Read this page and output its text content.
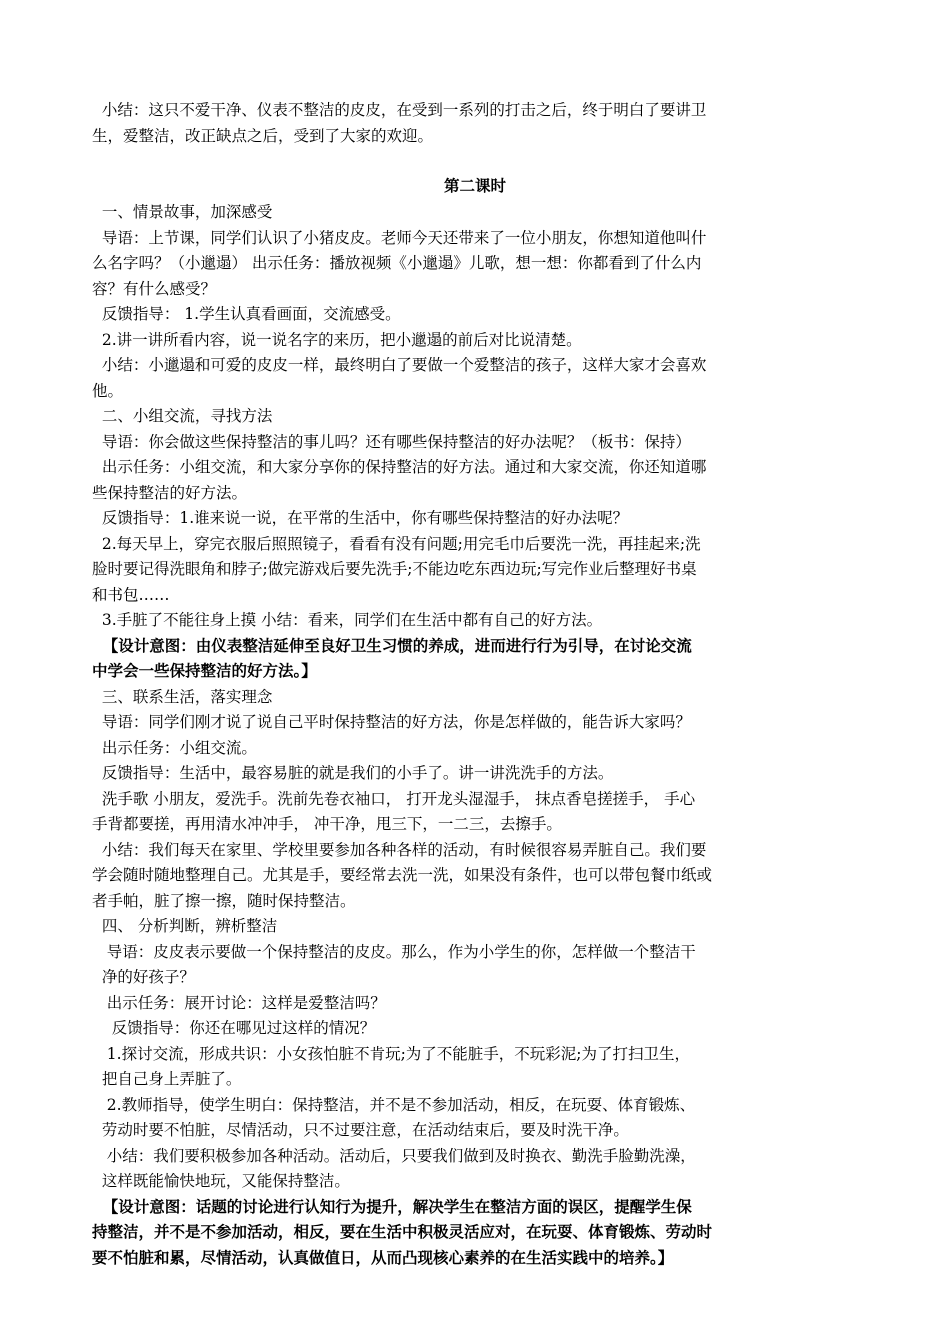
小结：这只不爱干净、仪表不整洁的皮皮，在受到一系列的打击之后，终于明白了要讲卫

生，爱整洁，改正缺点之后，受到了大家的欢迎。

第二课时

一、情景故事，加深感受

导语：上节课，同学们认识了小猪皮皮。老师今天还带来了一位小朋友，你想知道他叫什

么名字吗？（小邋遢） 出示任务：播放视频《小邋遢》儿歌，想一想：你都看到了什么内

容？有什么感受？

反馈指导： 1.学生认真看画面，交流感受。

2.讲一讲所看内容，说一说名字的来历，把小邋遢的前后对比说清楚。

小结：小邋遢和可爱的皮皮一样，最终明白了要做一个爱整洁的孩子，这样大家才会喜欢

他。

二、小组交流，寻找方法

导语：你会做这些保持整洁的事儿吗？还有哪些保持整洁的好办法呢？（板书：保持）

出示任务：小组交流，和大家分享你的保持整洁的好方法。通过和大家交流，你还知道哪

些保持整洁的好方法。

反馈指导：1.谁来说一说，在平常的生活中，你有哪些保持整洁的好办法呢？

2.每天早上，穿完衣服后照照镜子，看看有没有问题;用完毛巾后要洗一洗，再挂起来;洗

脸时要记得洗眼角和脖子;做完游戏后要先洗手;不能边吃东西边玩;写完作业后整理好书桌

和书包……

3.手脏了不能往身上摸 小结：看来，同学们在生活中都有自己的好方法。

【设计意图：由仪表整洁延伸至良好卫生习惯的养成，进而进行行为引导，在讨论交流

中学会一些保持整洁的好方法。】

三、联系生活，落实理念

导语：同学们刚才说了说自己平时保持整洁的好方法，你是怎样做的，能告诉大家吗？

出示任务：小组交流。

反馈指导：生活中，最容易脏的就是我们的小手了。讲一讲洗洗手的方法。

洗手歌 小朋友，爱洗手。洗前先卷衣袖口， 打开龙头湿湿手， 抹点香皂搓搓手， 手心

手背都要搓，再用清水冲冲手， 冲干净，甩三下，一二三，去擦手。

小结：我们每天在家里、学校里要参加各种各样的活动，有时候很容易弄脏自己。我们要

学会随时随地整理自己。尤其是手，要经常去洗一洗，如果没有条件，也可以带包餐巾纸或

者手帕，脏了擦一擦，随时保持整洁。

四、 分析判断，辨析整洁

导语：皮皮表示要做一个保持整洁的皮皮。那么，作为小学生的你，怎样做一个整洁干

净的好孩子？

出示任务：展开讨论：这样是爱整洁吗？

反馈指导：你还在哪见过这样的情况？

1.探讨交流，形成共识：小女孩怕脏不肯玩;为了不能脏手，不玩彩泥;为了打扫卫生，

把自己身上弄脏了。

2.教师指导，使学生明白：保持整洁，并不是不参加活动，相反，在玩耍、体育锻炼、

劳动时要不怕脏，尽情活动，只不过要注意，在活动结束后，要及时洗干净。

小结：我们要积极参加各种活动。活动后，只要我们做到及时换衣、勤洗手脸勤洗澡，

这样既能愉快地玩，又能保持整洁。

【设计意图：话题的讨论进行认知行为提升，解决学生在整洁方面的误区，提醒学生保

持整洁，并不是不参加活动，相反，要在生活中积极灵活应对，在玩耍、体育锻炼、劳动时

要不怕脏和累，尽情活动，认真做值日，从而凸现核心素养的在生活实践中的培养。】
